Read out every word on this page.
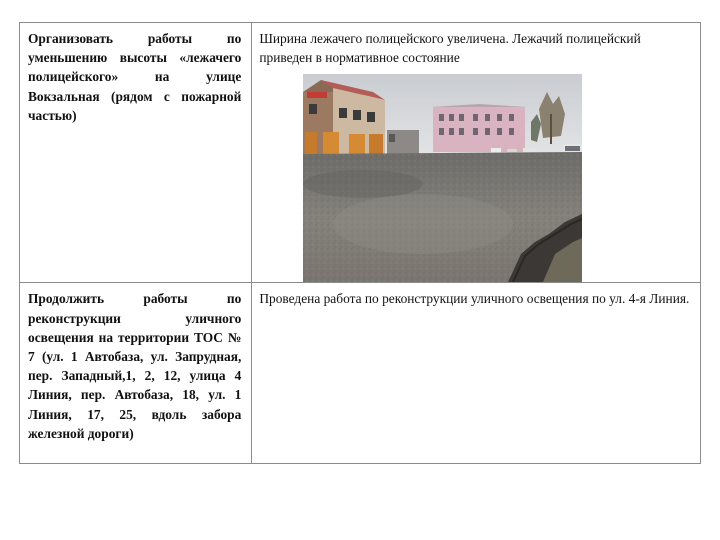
Организовать работы по уменьшению высоты «лежачего полицейского» на улице Вокзальная (рядом с пожарной частью)	Ширина лежачего полицейского увеличена. Лежачий полицейский приведен в нормативное состояние

Продолжить работы по реконструкции уличного освещения на территории ТОС № 7 (ул. 1 Автобаза, ул. Запрудная, пер. Западный,1, 2, 12, улица 4 Линия, пер. Автобаза, 18, ул. 1 Линия, 17, 25, вдоль забора железной дороги)	Проведена работа по реконструкции уличного освещения по ул. 4-я Линия.
